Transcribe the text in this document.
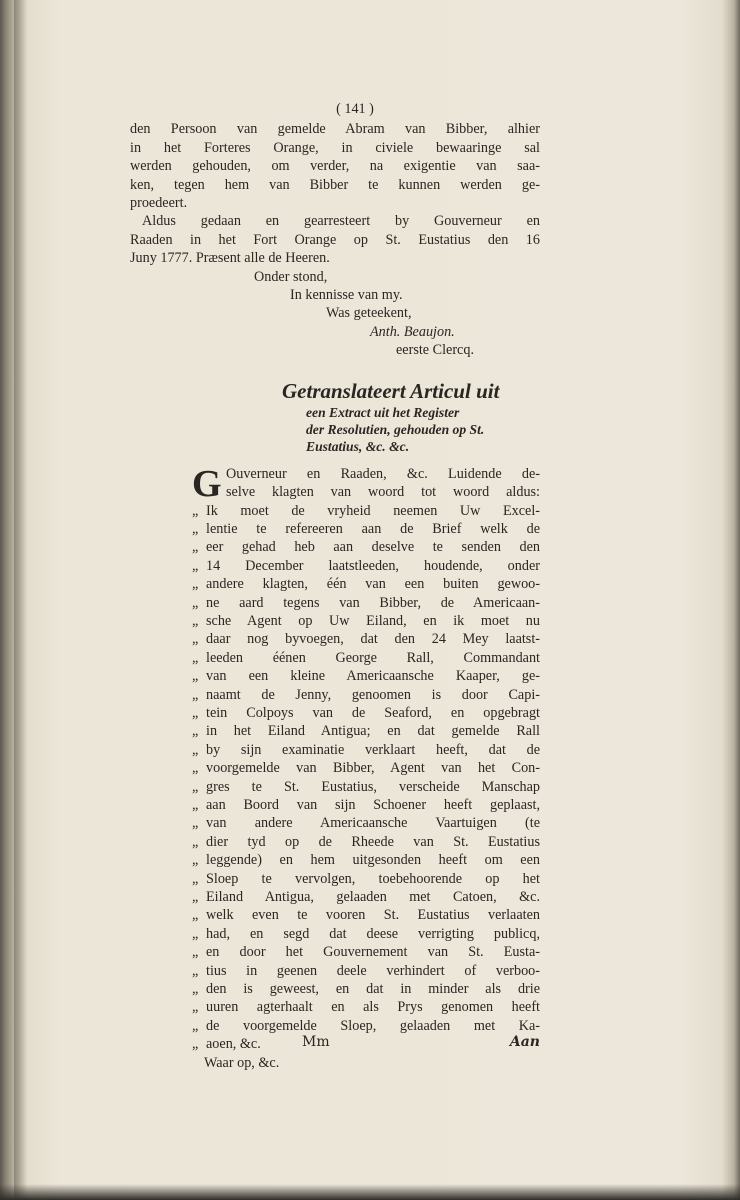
( 141 )
den Persoon van gemelde Abram van Bibber, alhier
in het Forteres Orange, in civiele bewaaringe sal
werden gehouden, om verder, na exigentie van saa-
ken, tegen hem van Bibber te kunnen werden ge-
proedeert.
Aldus gedaan en gearresteert by Gouverneur en
Raaden in het Fort Orange op St. Eustatius den 16
Juny 1777. Præsent alle de Heeren.
Onder stond,
In kennisse van my.
Was geteekent,
Anth. Beaujon.
eerste Clercq.
Getranslateert Articul uit
een Extract uit het Register
der Resolutien, gehouden op St.
Eustatius, &c. &c.
G Ouverneur en Raaden, &c. Luidende de-
selve klagten van woord tot woord aldus:
„ Ik moet de vryheid neemen Uw Excel-
„ lentie te refereeren aan de Brief welk de
„ eer gehad heb aan deselve te senden den
„ 14 December laatstleeden, houdende, onder
„ andere klagten, één van een buiten gewoo-
„ ne aard tegens van Bibber, de Americaan-
„ sche Agent op Uw Eiland, en ik moet nu
„ daar nog byvoegen, dat den 24 Mey laatst-
„ leeden éénen George Rall, Commandant
„ van een kleine Americaansche Kaaper, ge-
„ naamt de Jenny, genoomen is door Capi-
„ tein Colpoys van de Seaford, en opgebragt
„ in het Eiland Antigua; en dat gemelde Rall
„ by sijn examinatie verklaart heeft, dat de
„ voorgemelde van Bibber, Agent van het Con-
„ gres te St. Eustatius, verscheide Manschap
„ aan Boord van sijn Schoener heeft geplaast,
„ van andere Americaansche Vaartuigen (te
„ dier tyd op de Rheede van St. Eustatius
„ leggende) en hem uitgesonden heeft om een
„ Sloep te vervolgen, toebehoorende op het
„ Eiland Antigua, gelaaden met Catoen, &c.
„ welk even te vooren St. Eustatius verlaaten
„ had, en segd dat deese verrigting publicq,
„ en door het Gouvernement van St. Eusta-
„ tius in geenen deele verhindert of verboo-
„ den is geweest, en dat in minder als drie
„ uuren agterhaalt en als Prys genomen heeft
„ de voorgemelde Sloep, gelaaden met Ka-
„ aoen, &c.
Waar op, &c.
Mm	Aan
